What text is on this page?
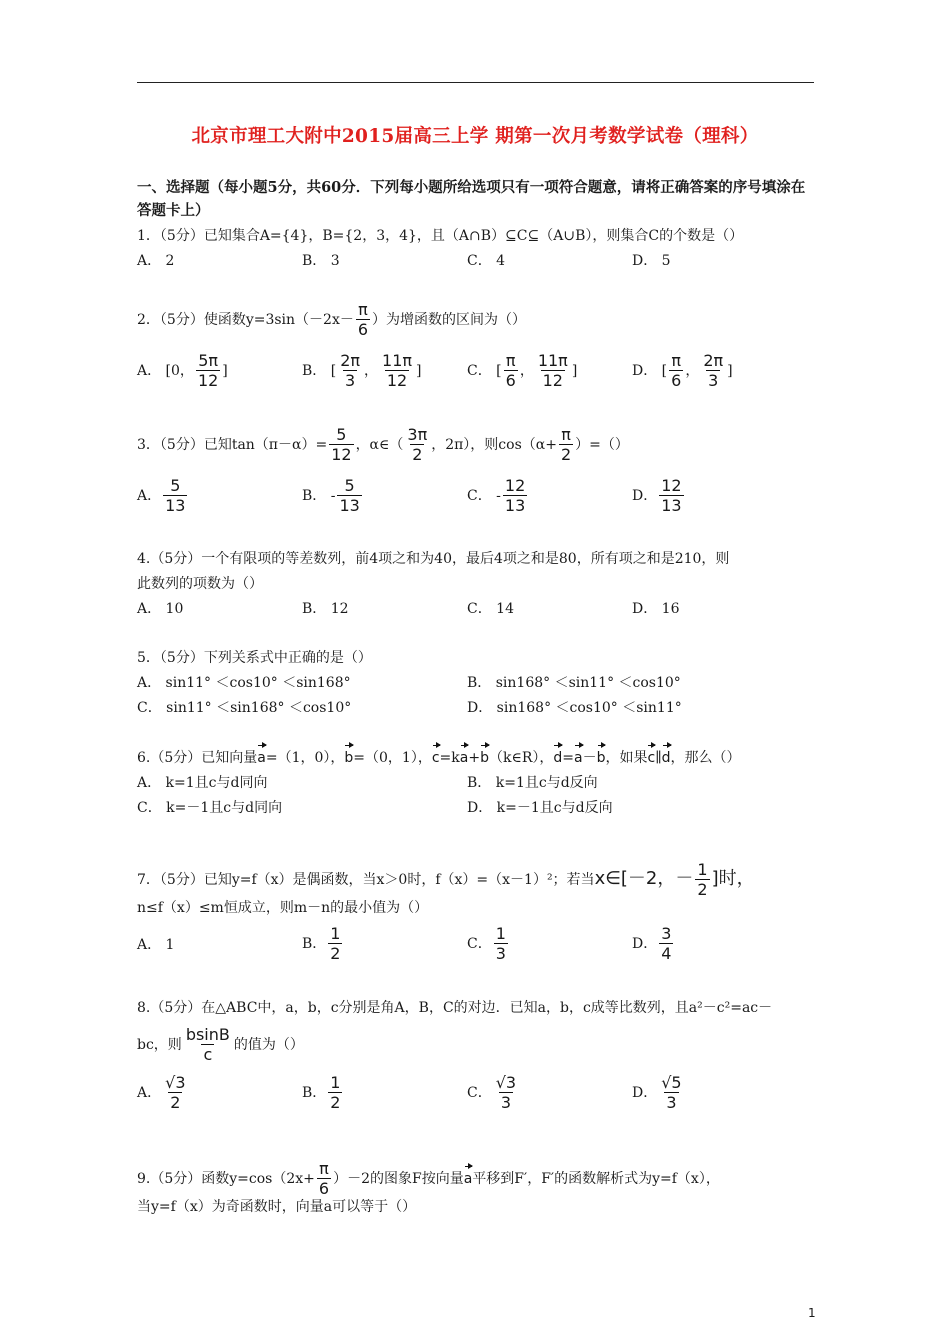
北京市理工大附中2015届高三上学 期第一次月考数学试卷（理科）
一、选择题（每小题5分，共60分．下列每小题所给选项只有一项符合题意，请将正确答案的序号填涂在答题卡上）
1．（5分）已知集合A={4}，B={2，3，4}，且（A∩B）⊆C⊆（A∪B），则集合C的个数是（）
A． 2	B． 3	C． 4	D． 5
2．（5分）使函数$y=3\sin(-2x- \frac{\pi}{6}$ ）为增函数的区间为（）
A． [0， $\frac{5\pi}{12}$ ]	B． [ $\frac{2\pi}{3}$ ， $\frac{11\pi}{12}$ ]	C． [ $\frac{\pi}{6}$ ， $\frac{11\pi}{12}$ ]	D． [ $\frac{\pi}{6}$ ， $\frac{2\pi}{3}$ ]
3．（5分）已知$\tan(\pi-\alpha)= \frac{5}{12}$ ，α∈（ $\frac{3\pi}{2}$ ，2π），则$\cos(\alpha+ \frac{\pi}{2}$ ）=（）
A． $\frac{5}{13}$	B． - $\frac{5}{13}$	C． - $\frac{12}{13}$	D． $\frac{12}{13}$
4.（5分）一个有限项的等差数列，前4项之和为40，最后4项之和是80，所有项之和是210，则
此数列的项数为（）
A． 10	B． 12	C． 14	D． 16
5．（5分）下列关系式中正确的是（）
A． sin11° ＜cos10° ＜sin168°	B． sin168° ＜sin11° ＜cos10°
C． sin11° ＜sin168° ＜cos10°	D． sin168° ＜cos10° ＜sin11°
6.（5分）已知向量a=（1，0），b=（0，1），c=ka+b（k∈R），d=a－b，如果c∥d，那么（）
A． k=1且c与d同向	B． k=1且c与d反向
C． k=－1且c与d同向	D． k=－1且c与d反向
7．（5分）已知y=f（x）是偶函数，当x＞0时，f（x）=（x－1）²；若当x∈[－2，－ $\frac{1}{2}$ ]时，
n≤f（x）≤m恒成立，则m－n的最小值为（）
A． 1	B． $\frac{1}{2}$	C． $\frac{1}{3}$	D． $\frac{3}{4}$
8.（5分）在△ABC中，a，b，c分别是角A，B，C的对边．已知a，b，c成等比数列，且a²－c²=ac－
bc，则 $\frac{bsinB}{c}$ 的值为（）
A． $\frac{√3}{2}$	B． $\frac{1}{2}$	C． $\frac{√3}{3}$	D． $\frac{√5}{3}$
9.（5分）函数$y=\cos(2x+ \frac{\pi}{6} )-2$的图象F按向量a平移到F′，F′的函数解析式为y=f（x），
当y=f（x）为奇函数时，向量a可以等于（）
1
